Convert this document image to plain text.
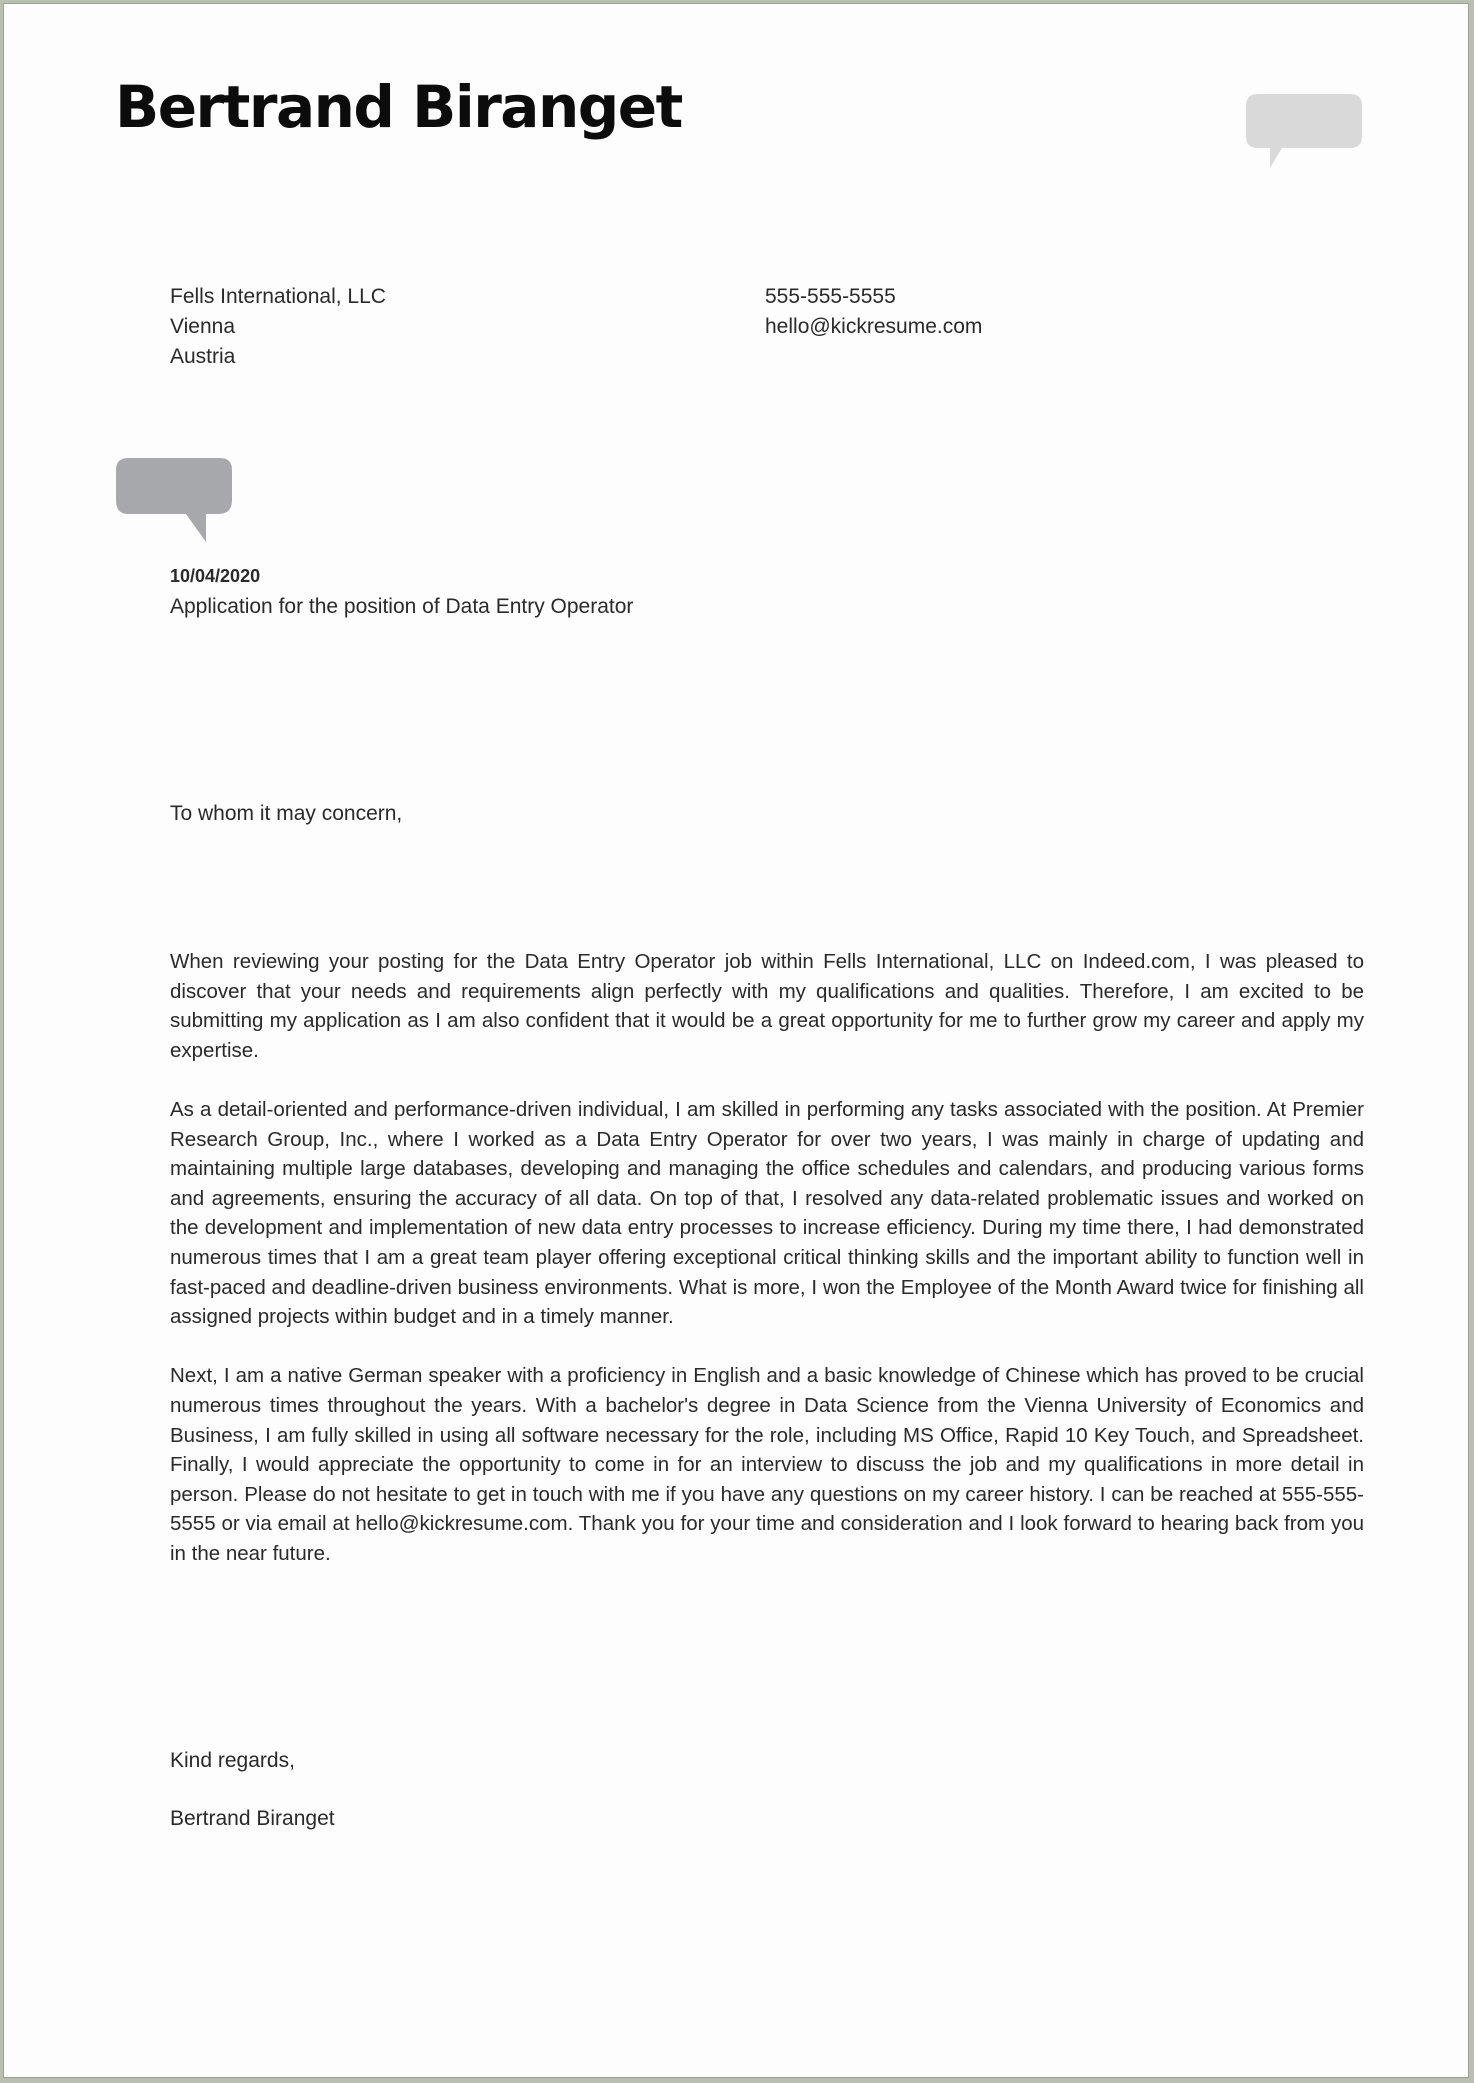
Bertrand Biranget
Fells International, LLC
Vienna
Austria
555-555-5555
hello@kickresume.com
10/04/2020
Application for the position of Data Entry Operator
To whom it may concern,

When reviewing your posting for the Data Entry Operator job within Fells International, LLC on Indeed.com, I was pleased to discover that your needs and requirements align perfectly with my qualifications and qualities. Therefore, I am excited to be submitting my application as I am also confident that it would be a great opportunity for me to further grow my career and apply my expertise.

As a detail-oriented and performance-driven individual, I am skilled in performing any tasks associated with the position. At Premier Research Group, Inc., where I worked as a Data Entry Operator for over two years, I was mainly in charge of updating and maintaining multiple large databases, developing and managing the office schedules and calendars, and producing various forms and agreements, ensuring the accuracy of all data. On top of that, I resolved any data-related problematic issues and worked on the development and implementation of new data entry processes to increase efficiency. During my time there, I had demonstrated numerous times that I am a great team player offering exceptional critical thinking skills and the important ability to function well in fast-paced and deadline-driven business environments. What is more, I won the Employee of the Month Award twice for finishing all assigned projects within budget and in a timely manner.

Next, I am a native German speaker with a proficiency in English and a basic knowledge of Chinese which has proved to be crucial numerous times throughout the years. With a bachelor's degree in Data Science from the Vienna University of Economics and Business, I am fully skilled in using all software necessary for the role, including MS Office, Rapid 10 Key Touch, and Spreadsheet. Finally, I would appreciate the opportunity to come in for an interview to discuss the job and my qualifications in more detail in person. Please do not hesitate to get in touch with me if you have any questions on my career history. I can be reached at 555-555-5555 or via email at hello@kickresume.com. Thank you for your time and consideration and I look forward to hearing back from you in the near future.

Kind regards,
Bertrand Biranget
